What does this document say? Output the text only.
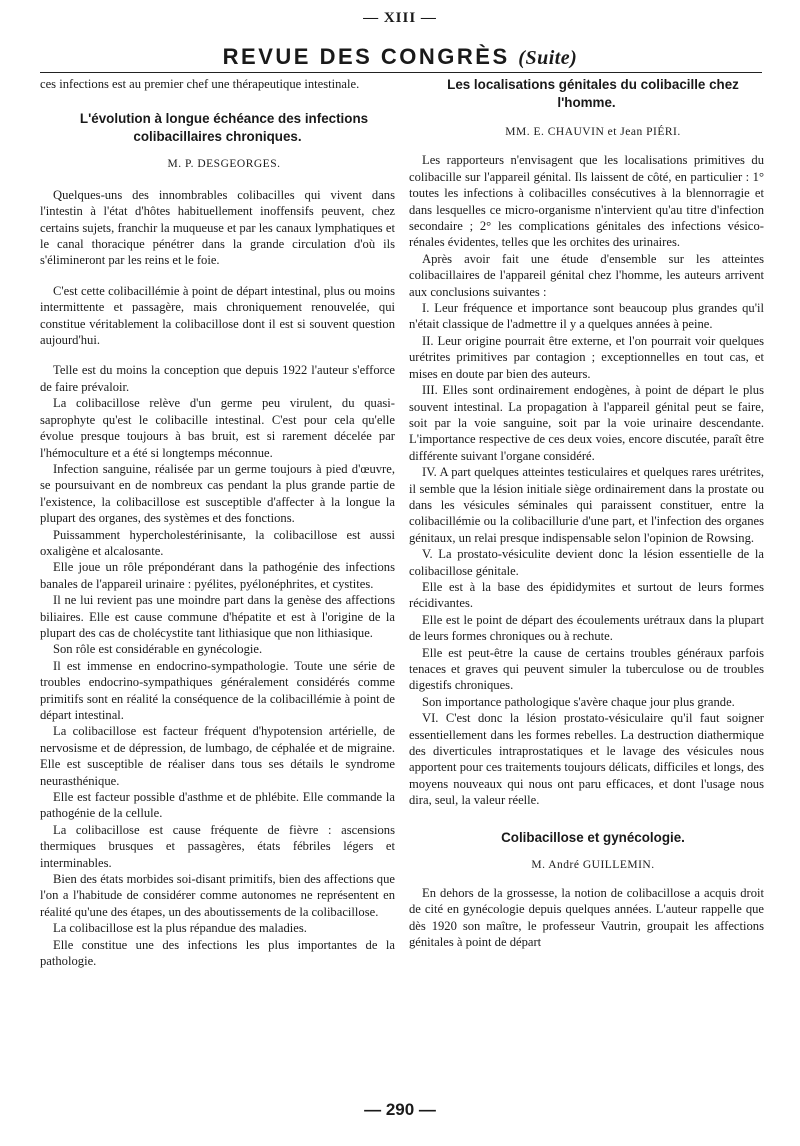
— XIII —
REVUE DES CONGRÈS (Suite)

ces infections est au premier chef une thérapeutique intestinale.

L'évolution à longue échéance des infections colibacillaires chroniques.

M. P. DESGEORGES.

Quelques-uns des innombrables colibacilles qui vivent dans l'intestin à l'état d'hôtes habituellement inoffensifs peuvent, chez certains sujets, franchir la muqueuse et par les canaux lymphatiques et le canal thoracique pénétrer dans la grande circulation d'où ils s'élimineront par les reins et le foie.

C'est cette colibacillémie à point de départ intestinal, plus ou moins intermittente et passagère, mais chroniquement renouvelée, qui constitue véritablement la colibacillose dont il est si souvent question aujourd'hui.

Telle est du moins la conception que depuis 1922 l'auteur s'efforce de faire prévaloir.

La colibacillose relève d'un germe peu virulent, du quasi-saprophyte qu'est le colibacille intestinal. C'est pour cela qu'elle évolue presque toujours à bas bruit, est si rarement décelée par l'hémoculture et a été si longtemps méconnue.

Infection sanguine, réalisée par un germe toujours à pied d'œuvre, se poursuivant en de nombreux cas pendant la plus grande partie de l'existence, la colibacillose est susceptible d'affecter à la longue la plupart des organes, des systèmes et des fonctions.

Puissamment hypercholestérinisante, la colibacillose est aussi oxaligène et alcalosante.

Elle joue un rôle prépondérant dans la pathogénie des infections banales de l'appareil urinaire : pyélites, pyélonéphrites, et cystites.

Il ne lui revient pas une moindre part dans la genèse des affections biliaires. Elle est cause commune d'hépatite et est à l'origine de la plupart des cas de cholécystite tant lithiasique que non lithiasique.

Son rôle est considérable en gynécologie.

Il est immense en endocrino-sympathologie. Toute une série de troubles endocrino-sympathiques généralement considérés comme primitifs sont en réalité la conséquence de la colibacillémie à point de départ intestinal.

La colibacillose est facteur fréquent d'hypotension artérielle, de nervosisme et de dépression, de lumbago, de céphalée et de migraine. Elle est susceptible de réaliser dans tous ses détails le syndrome neurasthénique.

Elle est facteur possible d'asthme et de phlébite. Elle commande la pathogénie de la cellule.

La colibacillose est cause fréquente de fièvre : ascensions thermiques brusques et passagères, états fébriles légers et interminables.

Bien des états morbides soi-disant primitifs, bien des affections que l'on a l'habitude de considérer comme autonomes ne représentent en réalité qu'une des étapes, un des aboutissements de la colibacillose.

La colibacillose est la plus répandue des maladies.

Elle constitue une des infections les plus importantes de la pathologie.

Les localisations génitales du colibacille chez l'homme.

MM. E. CHAUVIN et Jean PIÉRI.

Les rapporteurs n'envisagent que les localisations primitives du colibacille sur l'appareil génital. Ils laissent de côté, en particulier : 1° toutes les infections à colibacilles consécutives à la blennorragie et dans lesquelles ce micro-organisme n'intervient qu'au titre d'infection secondaire ; 2° les complications génitales des infections vésico-rénales évidentes, telles que les orchites des urinaires.

Après avoir fait une étude d'ensemble sur les atteintes colibacillaires de l'appareil génital chez l'homme, les auteurs arrivent aux conclusions suivantes :

I. Leur fréquence et importance sont beaucoup plus grandes qu'il n'était classique de l'admettre il y a quelques années à peine.

II. Leur origine pourrait être externe, et l'on pourrait voir quelques urétrites primitives par contagion ; exceptionnelles en tout cas, et mises en doute par bien des auteurs.

III. Elles sont ordinairement endogènes, à point de départ le plus souvent intestinal. La propagation à l'appareil génital peut se faire, soit par la voie sanguine, soit par la voie urinaire descendante. L'importance respective de ces deux voies, encore discutée, paraît être différente suivant l'organe considéré.

IV. A part quelques atteintes testiculaires et quelques rares urétrites, il semble que la lésion initiale siège ordinairement dans la prostate ou dans les vésicules séminales qui paraissent constituer, entre la colibacillémie ou la colibacillurie d'une part, et l'infection des organes génitaux, un relai presque indispensable selon l'opinion de Rowsing.

V. La prostato-vésiculite devient donc la lésion essentielle de la colibacillose génitale.

Elle est à la base des épididymites et surtout de leurs formes récidivantes.

Elle est le point de départ des écoulements urétraux dans la plupart de leurs formes chroniques ou à rechute.

Elle est peut-être la cause de certains troubles généraux parfois tenaces et graves qui peuvent simuler la tuberculose ou de troubles digestifs chroniques.

Son importance pathologique s'avère chaque jour plus grande.

VI. C'est donc la lésion prostato-vésiculaire qu'il faut soigner essentiellement dans les formes rebelles. La destruction diathermique des diverticules intraprostatiques et le lavage des vésicules nous apportent pour ces traitements toujours délicats, difficiles et longs, des moyens nouveaux qui nous ont paru efficaces, et dont l'usage nous dira, seul, la valeur réelle.

Colibacillose et gynécologie.

M. André GUILLEMIN.

En dehors de la grossesse, la notion de colibacillose a acquis droit de cité en gynécologie depuis quelques années. L'auteur rappelle que dès 1920 son maître, le professeur Vautrin, groupait les affections génitales à point de départ

— 290 —
